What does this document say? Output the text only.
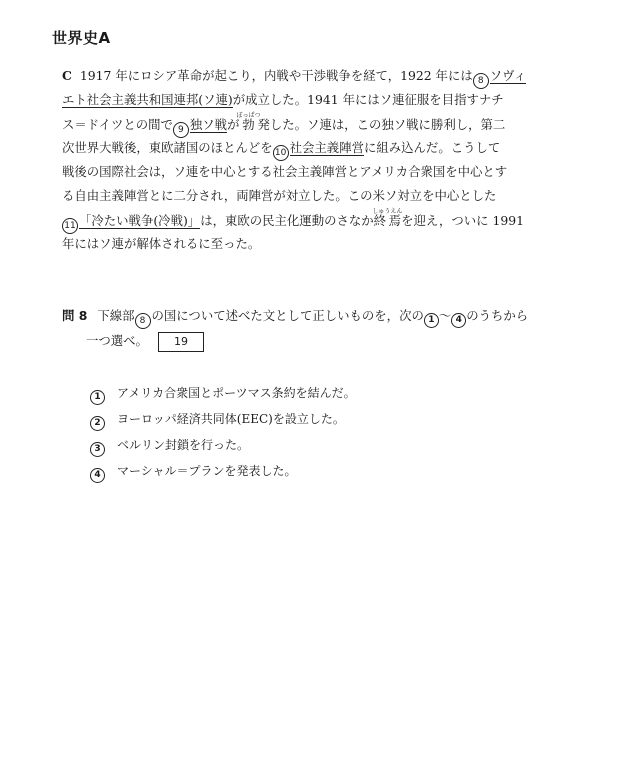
世界史A
C 1917 年にロシア革命が起こり，内戦や干渉戦争を経て，1922 年には 8 ソヴィ
エト社会主義共和国連邦(ソ連)が成立した。1941 年にはソ連征服を目指すナチ
ス＝ドイツとの間で 9 独ソ戦が勃ぼっぱつ発した。ソ連は，この独ソ戦に勝利し，第二
次世界大戦後，東欧諸国のほとんどを 10 社会主義陣営に組み込んだ。こうして
戦後の国際社会は，ソ連を中心とする社会主義陣営とアメリカ合衆国を中心とす
る自由主義陣営とに二分され，両陣営が対立した。この米ソ対立を中心とした
11 「冷たい戦争(冷戦)」は，東欧の民主化運動のさなか終焉しゅうえんを迎え，ついに 1991
年にはソ連が解体されるに至った。
問 8 下線部 8 の国について述べた文として正しいものを，次の 1 〜 4 のうちから
一つ選べ。 19
1 アメリカ合衆国とポーツマス条約を結んだ。
2 ヨーロッパ経済共同体(EEC)を設立した。
3 ベルリン封鎖を行った。
4 マーシャル＝プランを発表した。
